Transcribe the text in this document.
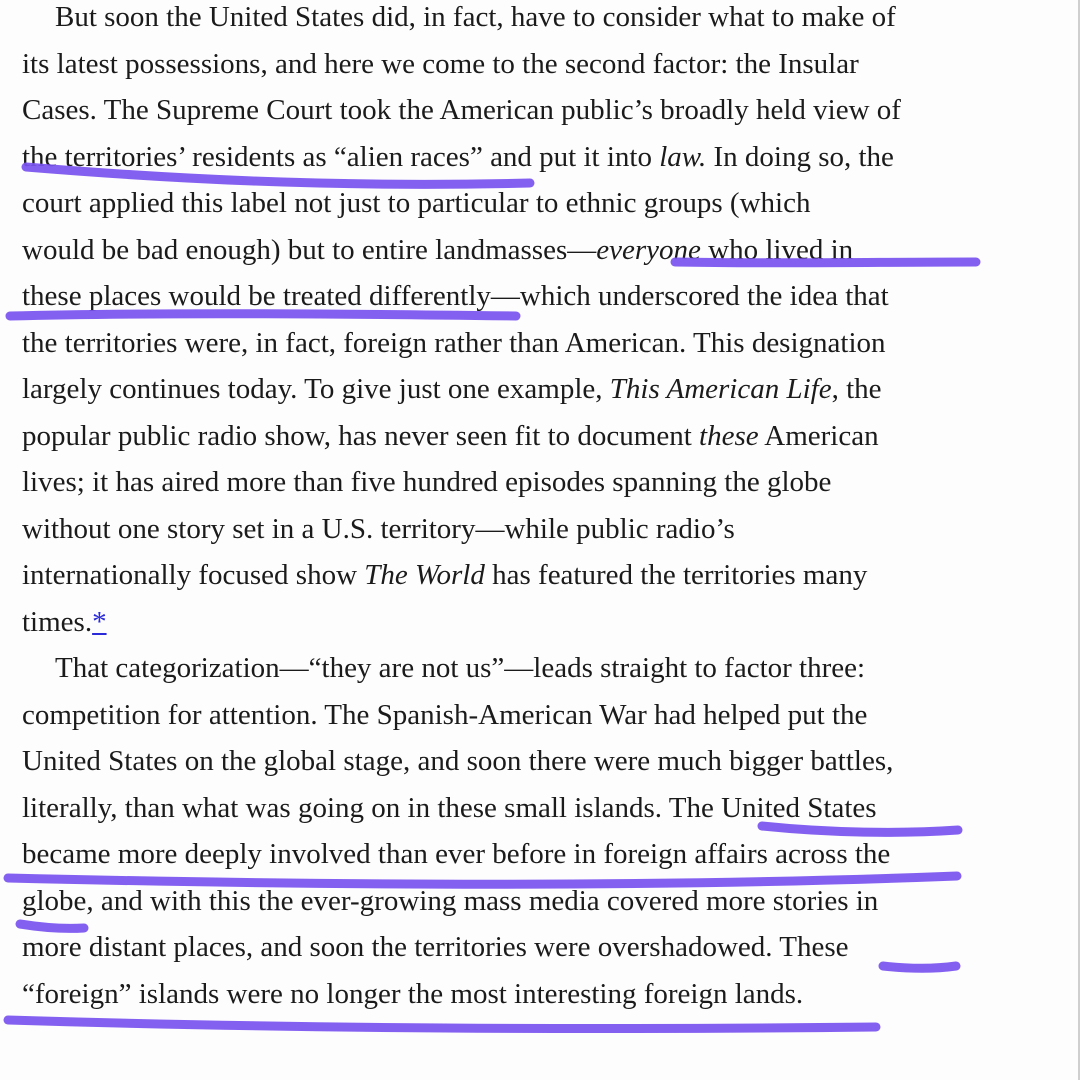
But soon the United States did, in fact, have to consider what to make of
its latest possessions, and here we come to the second factor: the Insular
Cases. The Supreme Court took the American public’s broadly held view of
the territories’ residents as “alien races” and put it into law. In doing so, the
court applied this label not just to particular to ethnic groups (which
would be bad enough) but to entire landmasses—everyone who lived in
these places would be treated differently—which underscored the idea that
the territories were, in fact, foreign rather than American. This designation
largely continues today. To give just one example, This American Life, the
popular public radio show, has never seen fit to document these American
lives; it has aired more than five hundred episodes spanning the globe
without one story set in a U.S. territory—while public radio’s
internationally focused show The World has featured the territories many
times.*
That categorization—“they are not us”—leads straight to factor three:
competition for attention. The Spanish-American War had helped put the
United States on the global stage, and soon there were much bigger battles,
literally, than what was going on in these small islands. The United States
became more deeply involved than ever before in foreign affairs across the
globe, and with this the ever-growing mass media covered more stories in
more distant places, and soon the territories were overshadowed. These
“foreign” islands were no longer the most interesting foreign lands.
